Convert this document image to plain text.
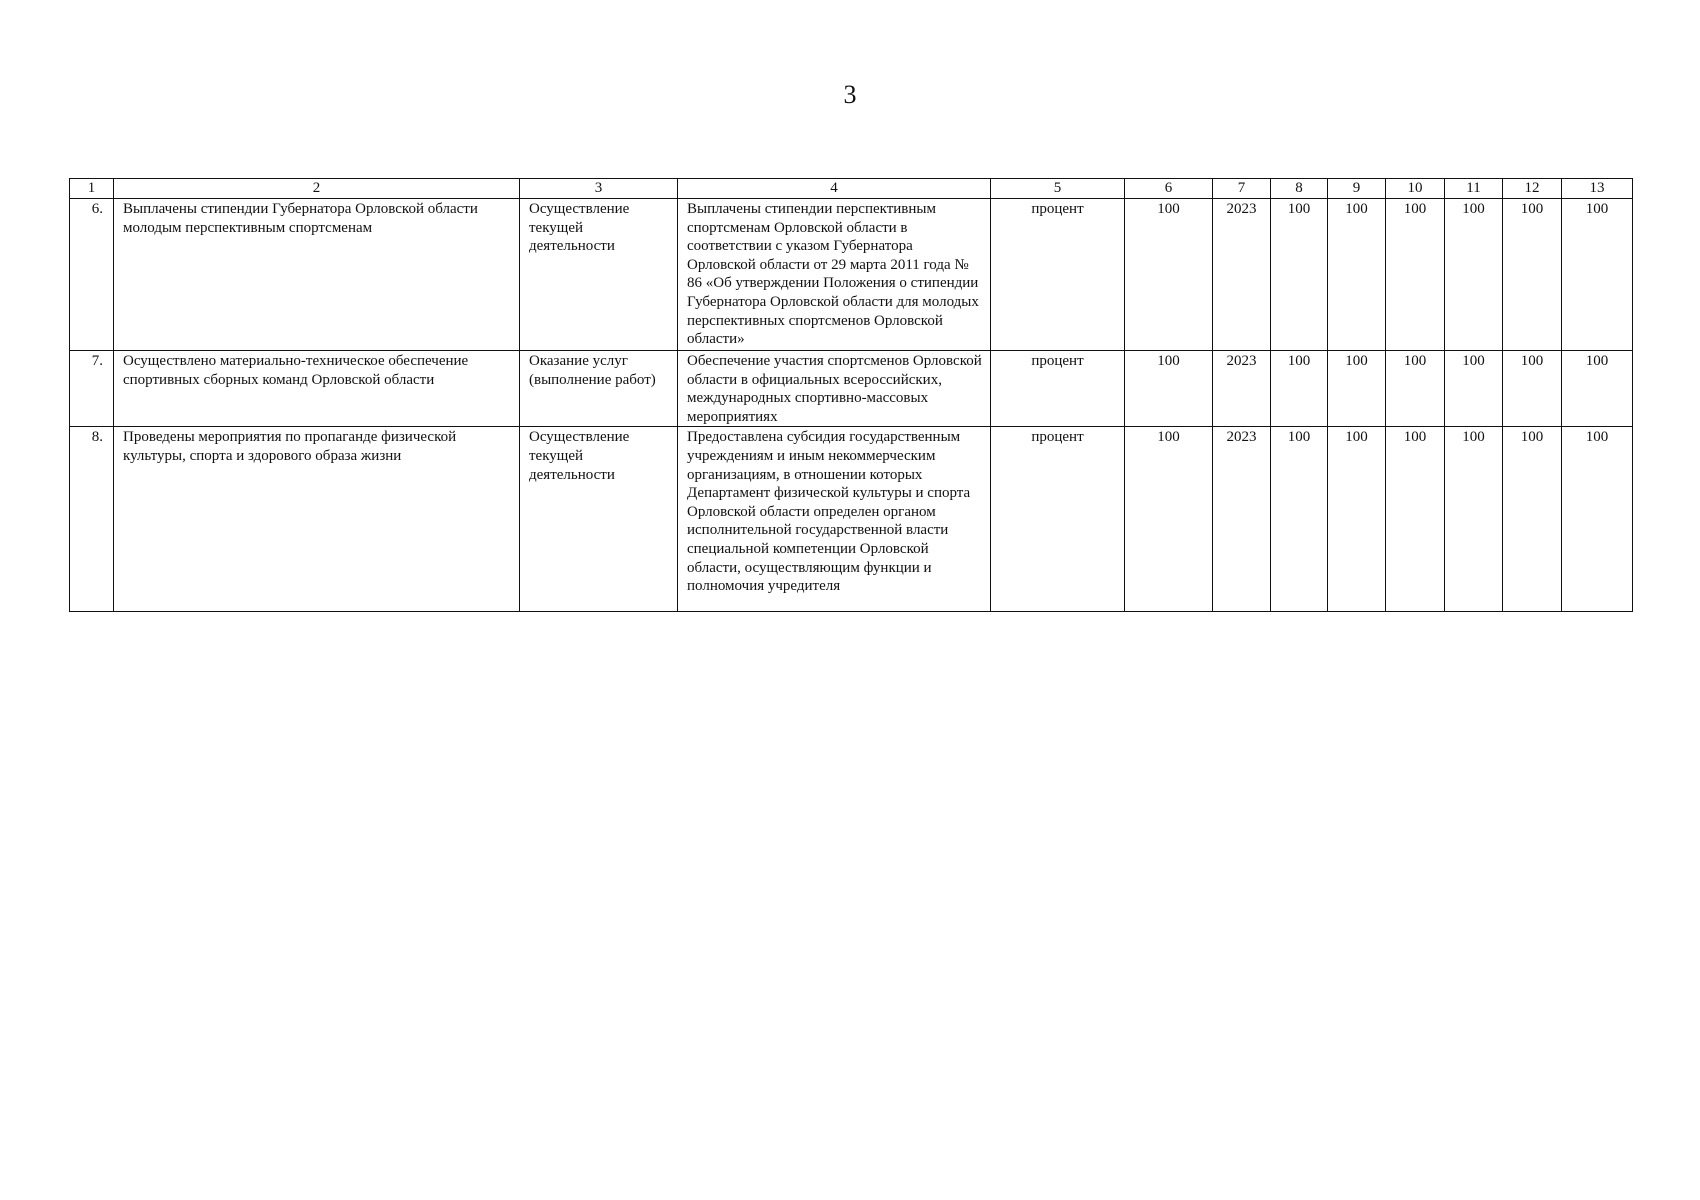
3
1	2	3	4	5	6	7	8	9	10	11	12	13
6.	Выплачены стипендии Губернатора Орловской области молодым перспективным спортсменам	Осуществление текущей деятельности	Выплачены стипендии перспективным спортсменам Орловской области в соответствии с указом Губернатора Орловской области от 29 марта 2011 года № 86 «Об утверждении Положения о стипендии Губернатора Орловской области для молодых перспективных спортсменов Орловской области»	процент	100	2023	100	100	100	100	100	100
7.	Осуществлено материально-техническое обеспечение спортивных сборных команд Орловской области	Оказание услуг (выполнение работ)	Обеспечение участия спортсменов Орловской области в официальных всероссийских, международных спортивно-массовых мероприятиях	процент	100	2023	100	100	100	100	100	100
8.	Проведены мероприятия по пропаганде физической культуры, спорта и здорового образа жизни	Осуществление текущей деятельности	Предоставлена субсидия государственным учреждениям и иным некоммерческим организациям, в отношении которых Департамент физической культуры и спорта Орловской области определен органом исполнительной государственной власти специальной компетенции Орловской области, осуществляющим функции и полномочия учредителя	процент	100	2023	100	100	100	100	100	100
